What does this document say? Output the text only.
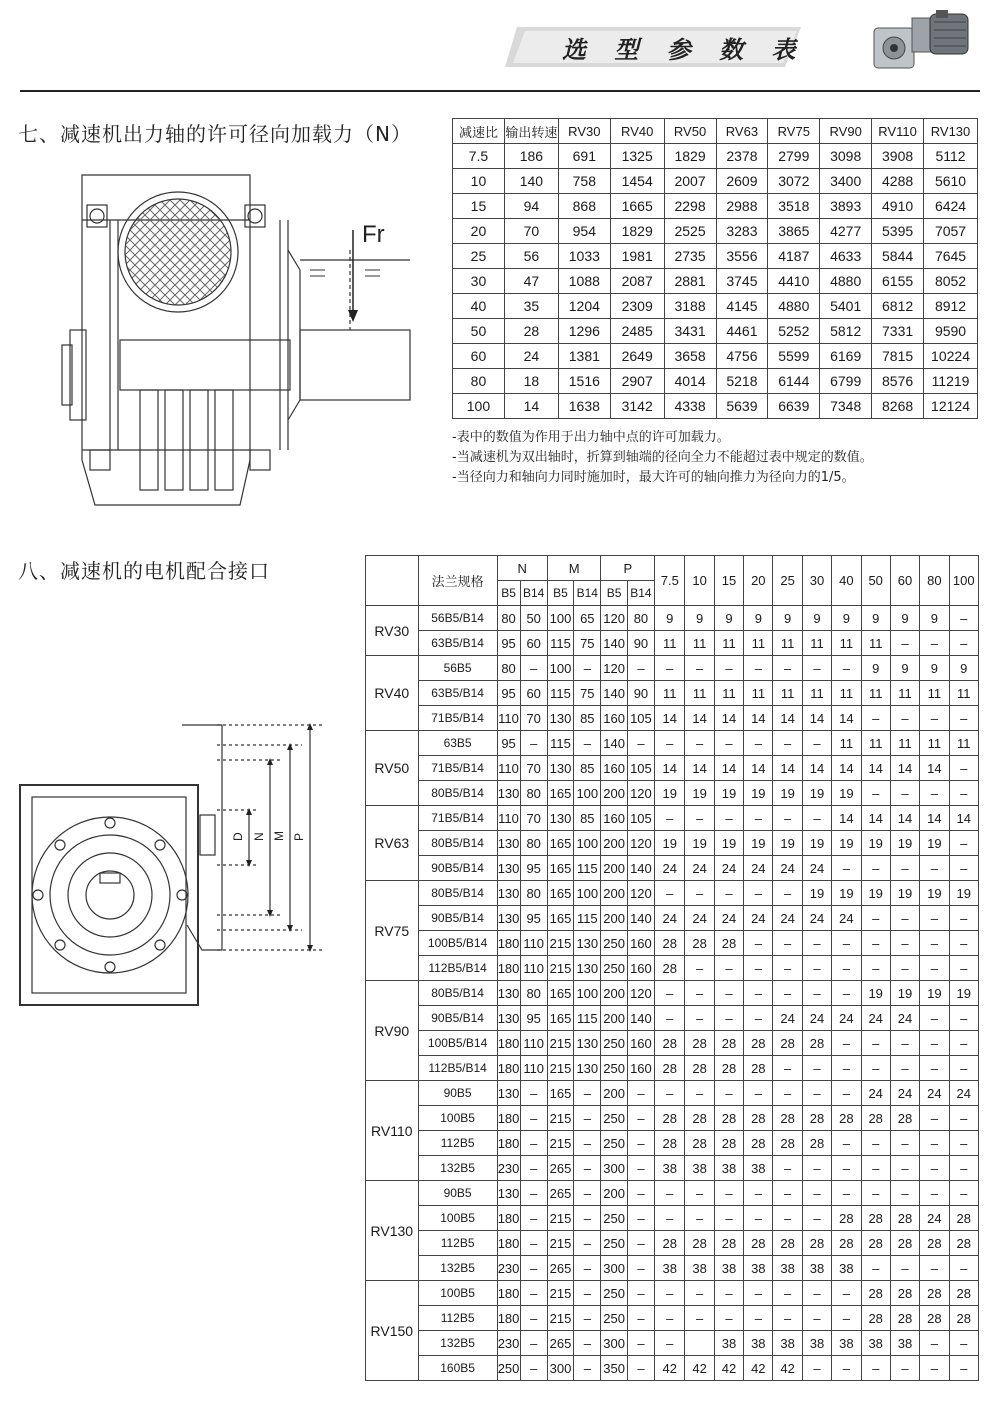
选 型 参 数 表
七、减速机出力轴的许可径向加载力（N）
Fr
减速比	输出转速	RV30	RV40	RV50	RV63	RV75	RV90	RV110	RV130
7.5	186	691	1325	1829	2378	2799	3098	3908	5112
10	140	758	1454	2007	2609	3072	3400	4288	5610
15	94	868	1665	2298	2988	3518	3893	4910	6424
20	70	954	1829	2525	3283	3865	4277	5395	7057
25	56	1033	1981	2735	3556	4187	4633	5844	7645
30	47	1088	2087	2881	3745	4410	4880	6155	8052
40	35	1204	2309	3188	4145	4880	5401	6812	8912
50	28	1296	2485	3431	4461	5252	5812	7331	9590
60	24	1381	2649	3658	4756	5599	6169	7815	10224
80	18	1516	2907	4014	5218	6144	6799	8576	11219
100	14	1638	3142	4338	5639	6639	7348	8268	12124
-表中的数值为作用于出力轴中点的许可加载力。
-当减速机为双出轴时，折算到轴端的径向全力不能超过表中规定的数值。
-当径向力和轴向力同时施加时，最大许可的轴向推力为径向力的1/5。
八、减速机的电机配合接口
D N M P
	法兰规格	N		M		P		7.5	10	15	20	25	30	40	50	60	80	100
		B5	B14	B5	B14	B5	B14											
RV30	56B5/B14	80	50	100	65	120	80	9	9	9	9	9	9	9	9	9	9	–
	63B5/B14	95	60	115	75	140	90	11	11	11	11	11	11	11	11	–	–	–
RV40	56B5	80	–	100	–	120	–	–	–	–	–	–	–	–	9	9	9	9
	63B5/B14	95	60	115	75	140	90	11	11	11	11	11	11	11	11	11	11	11
	71B5/B14	110	70	130	85	160	105	14	14	14	14	14	14	14	–	–	–	–
RV50	63B5	95	–	115	–	140	–	–	–	–	–	–	–	11	11	11	11	11
	71B5/B14	110	70	130	85	160	105	14	14	14	14	14	14	14	14	14	14	–
	80B5/B14	130	80	165	100	200	120	19	19	19	19	19	19	19	–	–	–	–
RV63	71B5/B14	110	70	130	85	160	105	–	–	–	–	–	–	14	14	14	14	14
	80B5/B14	130	80	165	100	200	120	19	19	19	19	19	19	19	19	19	19	–
	90B5/B14	130	95	165	115	200	140	24	24	24	24	24	24	–	–	–	–	–
RV75	80B5/B14	130	80	165	100	200	120	–	–	–	–	–	19	19	19	19	19	19
	90B5/B14	130	95	165	115	200	140	24	24	24	24	24	24	24	–	–	–	–
	100B5/B14	180	110	215	130	250	160	28	28	28	–	–	–	–	–	–	–	–
	112B5/B14	180	110	215	130	250	160	28	–	–	–	–	–	–	–	–	–	–
RV90	80B5/B14	130	80	165	100	200	120	–	–	–	–	–	–	–	19	19	19	19
	90B5/B14	130	95	165	115	200	140	–	–	–	–	24	24	24	24	24	–	–
	100B5/B14	180	110	215	130	250	160	28	28	28	28	28	28	–	–	–	–	–
	112B5/B14	180	110	215	130	250	160	28	28	28	28	–	–	–	–	–	–	–
RV110	90B5	130	–	165	–	200	–	–	–	–	–	–	–	–	24	24	24	24
	100B5	180	–	215	–	250	–	28	28	28	28	28	28	28	28	28	–	–
	112B5	180	–	215	–	250	–	28	28	28	28	28	28	–	–	–	–	–
	132B5	230	–	265	–	300	–	38	38	38	38	–	–	–	–	–	–	–
RV130	90B5	130	–	265	–	200	–	–	–	–	–	–	–	–	–	–	–	–
	100B5	180	–	215	–	250	–	–	–	–	–	–	–	28	28	28	24	28
	112B5	180	–	215	–	250	–	28	28	28	28	28	28	28	28	28	28	28
	132B5	230	–	265	–	300	–	38	38	38	38	38	38	38	–	–	–	–
RV150	100B5	180	–	215	–	250	–	–	–	–	–	–	–	–	28	28	28	28
	112B5	180	–	215	–	250	–	–	–	–	–	–	–	–	28	28	28	28
	132B5	230	–	265	–	300	–	–		38	38	38	38	38	38	38	–	–
	160B5	250	–	300	–	350	–	42	42	42	42	42	–	–	–	–	–	–
